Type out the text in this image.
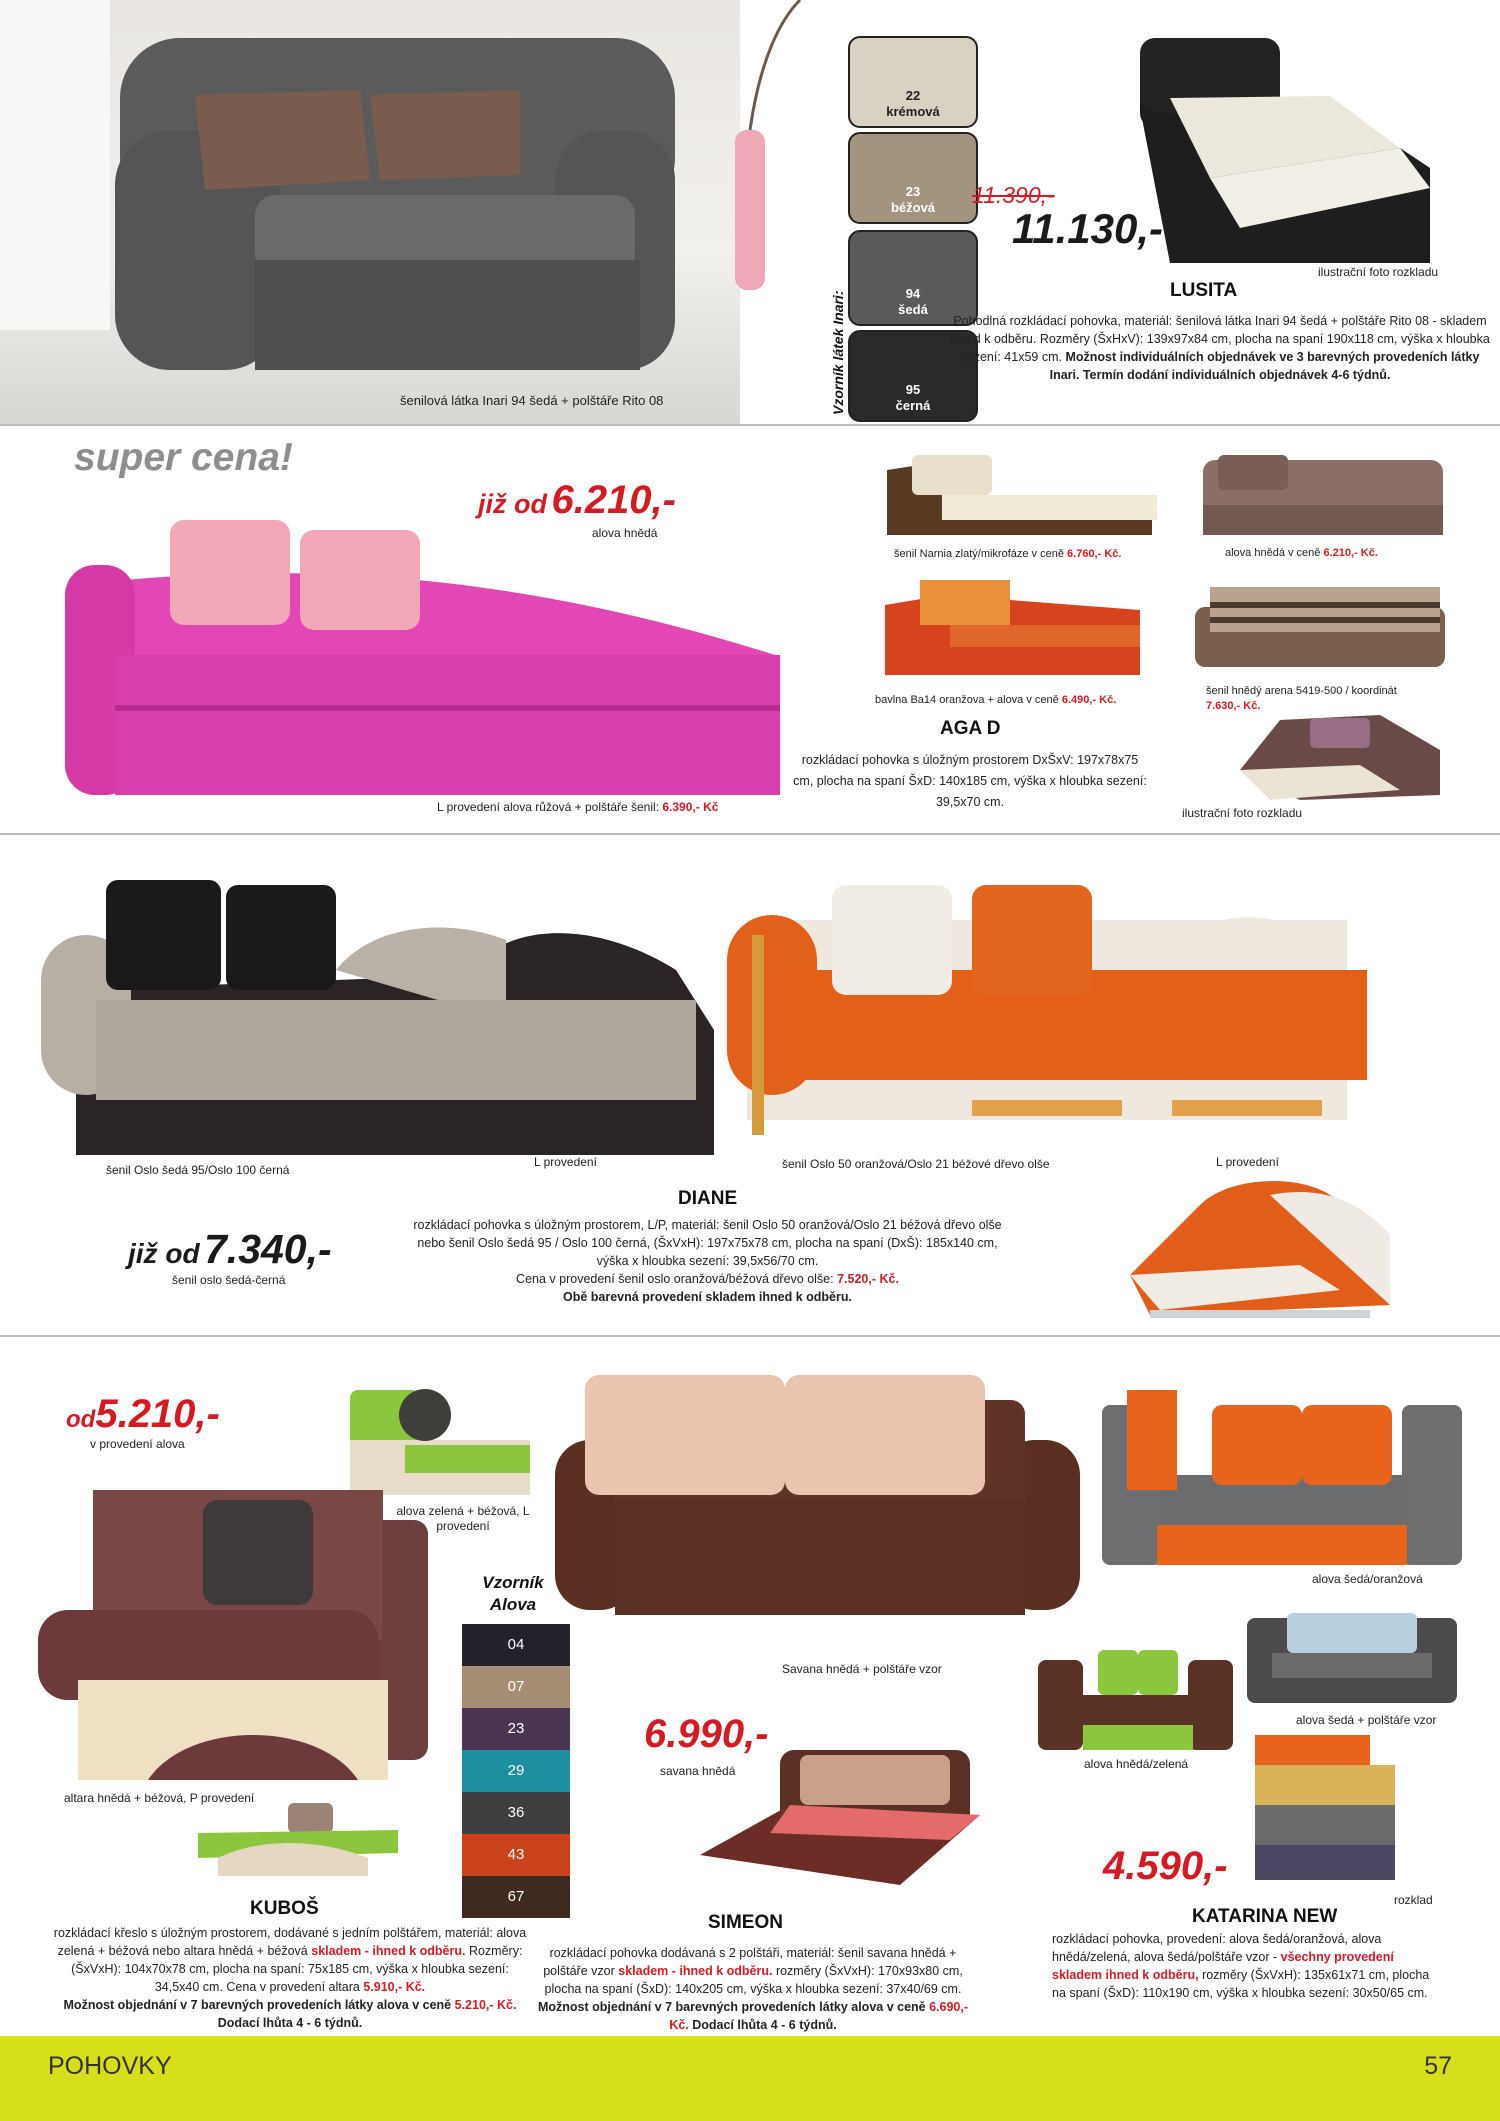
šenilová látka Inari 94 šedá + polštáře Rito 08	Vzorník látek Inari:
22
krémová
23
béžová
94
šedá
95
černá
ilustrační foto rozkladu
11.390,-
11.130,-
LUSITA
Pohodlná rozkládací pohovka, materiál: šenilová látka Inari 94 šedá + polštáře Rito 08 - skladem ihned k odběru. Rozměry (ŠxHxV): 139x97x84 cm, plocha na spaní 190x118 cm, výška x hloubka sezení: 41x59 cm. Možnost individuálních objednávek ve 3 barevných provedeních látky Inari. Termín dodání individuálních objednávek 4-6 týdnů.
super cena!
již od 6.210,-
alova hnědá
L provedení alova růžová + polštáře šenil: 6.390,- Kč
šenil Narnia zlatý/mikrofáze v ceně 6.760,- Kč.	alova hnědá v ceně 6.210,- Kč.
bavlna Ba14 oranžova + alova v ceně 6.490,- Kč.
šenil hnědý arena 5419-500 / koordinát
7.630,- Kč.
AGA D
rozkládací pohovka s úložným prostorem DxŠxV: 197x78x75 cm, plocha na spaní ŠxD: 140x185 cm, výška x hloubka sezení: 39,5x70 cm.
ilustrační foto rozkladu
šenil Oslo šedá 95/Oslo 100 černá
L provedení	šenil Oslo 50 oranžová/Oslo 21 béžové dřevo olše	L provedení
DIANE
rozkládací pohovka s úložným prostorem, L/P, materiál: šenil Oslo 50 oranžová/Oslo 21 béžová dřevo olše nebo šenil Oslo šedá 95 / Oslo 100 černá, (ŠxVxH): 197x75x78 cm, plocha na spaní (DxŠ): 185x140 cm, výška x hloubka sezení: 39,5x56/70 cm.
Cena v provedení šenil oslo oranžová/béžová dřevo olše: 7.520,- Kč.
Obě barevná provedení skladem ihned k odběru.
již od 7.340,-
šenil oslo šedá-černá
od5.210,-
v provedení alova
alova zelená + béžová, L provedení
altara hnědá + béžová, P provedení
Vzorník Alova
04
07
23
29
36
43
67
KUBOŠ
rozkládací křeslo s úložným prostorem, dodávané s jedním polštářem, materiál: alova zelená + béžová nebo altara hnědá + béžová skladem - ihned k odběru. Rozměry: (ŠxVxH): 104x70x78 cm, plocha na spaní: 75x185 cm, výška x hloubka sezení: 34,5x40 cm. Cena v provedení altara 5.910,- Kč.
Možnost objednání v 7 barevných provedeních látky alova v ceně 5.210,- Kč. Dodací lhůta 4 - 6 týdnů.
Savana hnědá + polštáře vzor
6.990,-
savana hnědá
SIMEON
rozkládací pohovka dodávaná s 2 polštáři, materiál: šenil savana hnědá + polštáře vzor skladem - ihned k odběru. rozměry (ŠxVxH): 170x93x80 cm, plocha na spaní (ŠxD): 140x205 cm, výška x hloubka sezení: 37x40/69 cm. Možnost objednání v 7 barevných provedeních látky alova v ceně 6.690,- Kč. Dodací lhůta 4 - 6 týdnů.
alova šedá/oranžová
alova šedá + polštáře vzor
alova hnědá/zelená
rozklad
4.590,-
KATARINA NEW
rozkládací pohovka, provedení: alova šedá/oranžová, alova hnědá/zelená, alova šedá/polštáře vzor - všechny provedení skladem ihned k odběru, rozměry (ŠxVxH): 135x61x71 cm, plocha na spaní (ŠxD): 110x190 cm, výška x hloubka sezení: 30x50/65 cm.
POHOVKY	57
